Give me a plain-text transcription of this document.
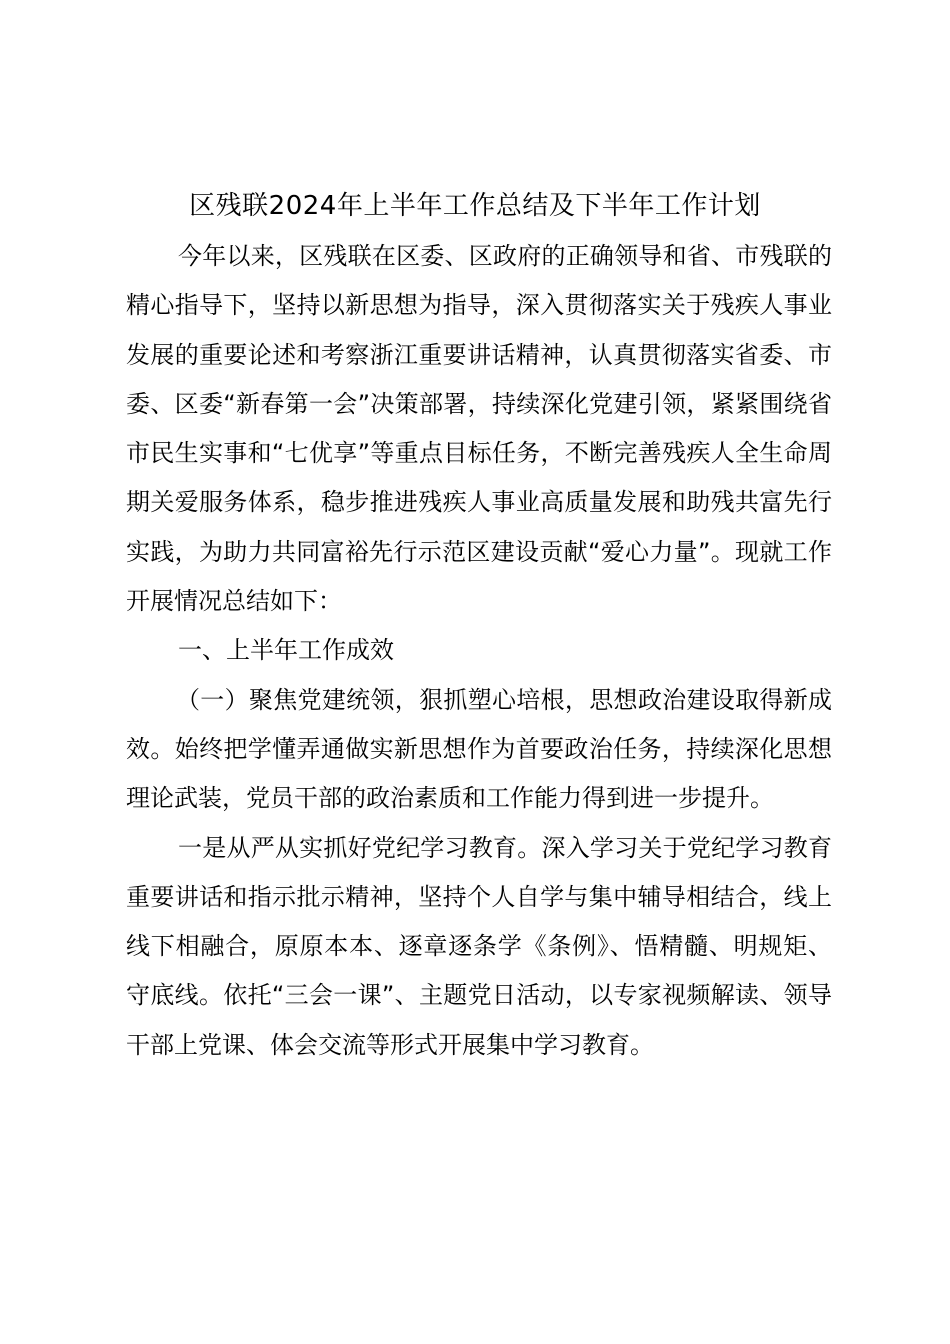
区残联2024年上半年工作总结及下半年工作计划

今年以来，区残联在区委、区政府的正确领导和省、市残联的精心指导下，坚持以新思想为指导，深入贯彻落实关于残疾人事业发展的重要论述和考察浙江重要讲话精神，认真贯彻落实省委、市委、区委“新春第一会”决策部署，持续深化党建引领，紧紧围绕省市民生实事和“七优享”等重点目标任务，不断完善残疾人全生命周期关爱服务体系，稳步推进残疾人事业高质量发展和助残共富先行实践，为助力共同富裕先行示范区建设贡献“爱心力量”。现就工作开展情况总结如下：

一、上半年工作成效

（一）聚焦党建统领，狠抓塑心培根，思想政治建设取得新成效。始终把学懂弄通做实新思想作为首要政治任务，持续深化思想理论武装，党员干部的政治素质和工作能力得到进一步提升。

一是从严从实抓好党纪学习教育。深入学习关于党纪学习教育重要讲话和指示批示精神，坚持个人自学与集中辅导相结合，线上线下相融合，原原本本、逐章逐条学《条例》、悟精髓、明规矩、守底线。依托“三会一课”、主题党日活动，以专家视频解读、领导干部上党课、体会交流等形式开展集中学习教育。
